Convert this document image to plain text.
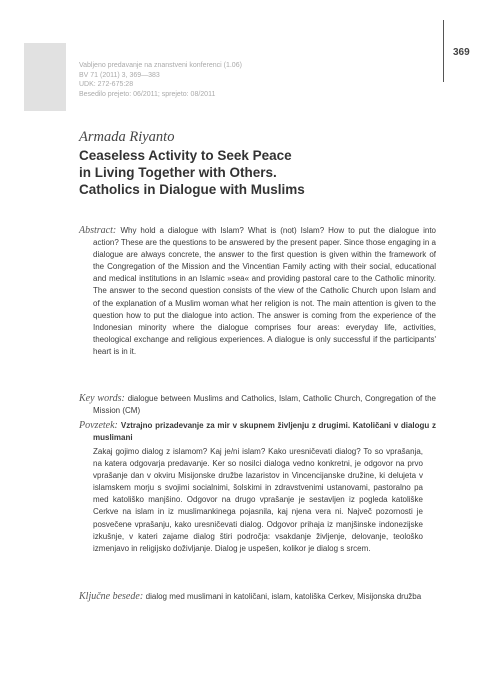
369
Vabljeno predavanje na znanstveni konferenci (1.06)
BV 71 (2011) 3, 369—383
UDK: 272-675:28
Besedilo prejeto: 06/2011; sprejeto: 08/2011
Armada Riyanto
Ceaseless Activity to Seek Peace
in Living Together with Others.
Catholics in Dialogue with Muslims
Abstract: Why hold a dialogue with Islam? What is (not) Islam? How to put the dialogue into action? These are the questions to be answered by the present paper. Since those engaging in a dialogue are always concrete, the answer to the first question is given within the framework of the Congregation of the Mission and the Vincentian Family acting with their social, educational and medical institutions in an Islamic »sea« and providing pastoral care to the Catholic minority. The answer to the second question consists of the view of the Catholic Church upon Islam and of the explanation of a Muslim woman what her religion is not. The main attention is given to the question how to put the dialogue into action. The answer is coming from the experience of the Indonesian minority where the dialogue comprises four areas: everyday life, activities, theological exchange and religious experiences. A dialogue is only successful if the participants' heart is in it.
Key words: dialogue between Muslims and Catholics, Islam, Catholic Church, Congregation of the Mission (CM)
Povzetek: Vztrajno prizadevanje za mir v skupnem življenju z drugimi. Katoličani v dialogu z muslimani
Zakaj gojimo dialog z islamom? Kaj je/ni islam? Kako uresničevati dialog? To so vprašanja, na katera odgovarja predavanje. Ker so nosilci dialoga vedno konkretni, je odgovor na prvo vprašanje dan v okviru Misijonske družbe lazaristov in Vincencijanske družine, ki delujeta v islamskem morju s svojimi socialnimi, šolskimi in zdravstvenimi ustanovami, pastoralno pa med katoliško manjšino. Odgovor na drugo vprašanje je sestavljen iz pogleda katoliške Cerkve na islam in iz muslimankinega pojasnila, kaj njena vera ni. Največ pozornosti je posvečene vprašanju, kako uresničevati dialog. Odgovor prihaja iz manjšinske indonezijske izkušnje, v kateri zajame dialog štiri področja: vsakdanje življenje, delovanje, teološko izmenjavo in religijsko doživljanje. Dialog je uspešen, kolikor je dialog s srcem.
Ključne besede: dialog med muslimani in katoličani, islam, katoliška Cerkev, Misijonska družba
